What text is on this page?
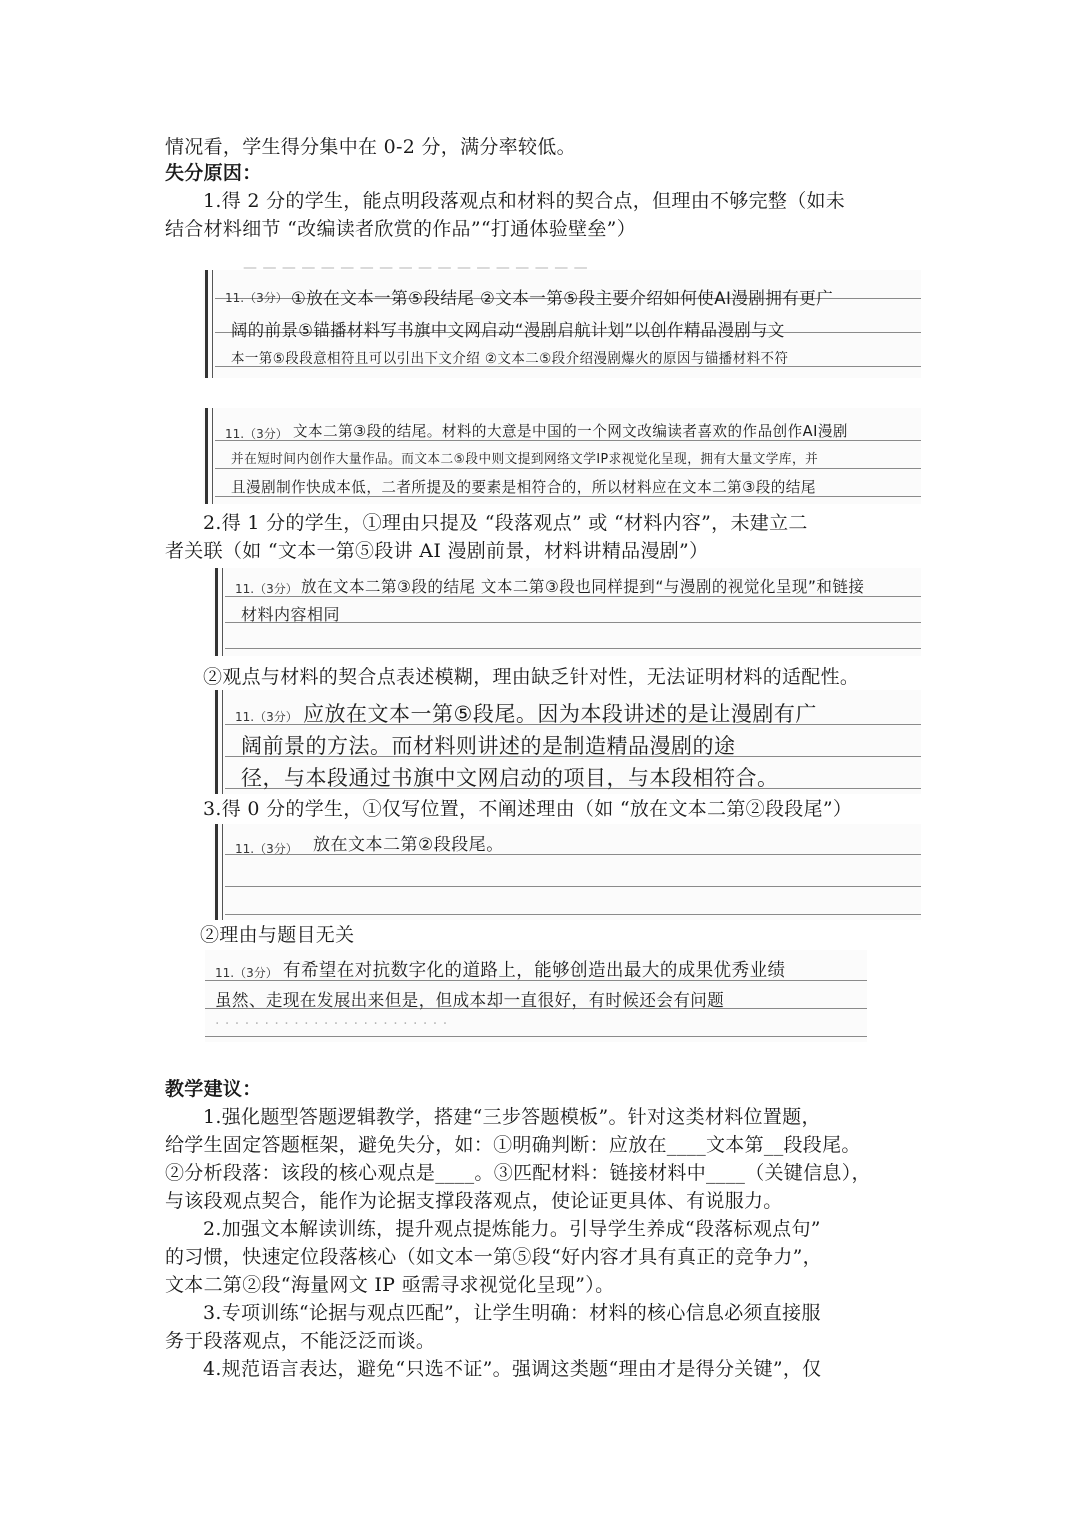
情况看，学生得分集中在 0-2 分，满分率较低。
失分原因：
1.得 2 分的学生，能点明段落观点和材料的契合点，但理由不够完整（如未
结合材料细节 “改编读者欣赏的作品”“打通体验壁垒”）
— — — — — — — — — — — — — — — — — —
11.（3分） ①放在文本一第⑤段结尾 ②文本一第⑤段主要介绍如何使AI漫剧拥有更广
阔的前景⑤锚播材料写书旗中文网启动“漫剧启航计划”以创作精品漫剧与文
本一第⑤段段意相符且可以引出下文介绍 ②文本二⑤段介绍漫剧爆火的原因与锚播材料不符
11.（3分） 文本二第③段的结尾。材料的大意是中国的一个网文改编读者喜欢的作品创作AI漫剧
并在短时间内创作大量作品。而文本二⑤段中则文提到网络文学IP求视觉化呈现，拥有大量文学库，并
且漫剧制作快成本低，二者所提及的要素是相符合的，所以材料应在文本二第③段的结尾
2.得 1 分的学生，①理由只提及 “段落观点” 或 “材料内容”，未建立二
者关联（如 “文本一第⑤段讲 AI 漫剧前景，材料讲精品漫剧”）
11.（3分） 放在文本二第③段的结尾 文本二第③段也同样提到“与漫剧的视觉化呈现”和链接
材料内容相同
②观点与材料的契合点表述模糊，理由缺乏针对性，无法证明材料的适配性。
11.（3分） 应放在文本一第⑤段尾。因为本段讲述的是让漫剧有广
阔前景的方法。而材料则讲述的是制造精品漫剧的途
径，与本段通过书旗中文网启动的项目，与本段相符合。
3.得 0 分的学生，①仅写位置，不阐述理由（如 “放在文本二第②段段尾”）
11.（3分） 放在文本二第②段段尾。
②理由与题目无关
11.（3分） 有希望在对抗数字化的道路上，能够创造出最大的成果优秀业绩
虽然、走现在发展出来但是，但成本却一直很好，有时候还会有问题
· · · · · · · · · · · · · · · · · · · · · · · ·
教学建议：
1.强化题型答题逻辑教学，搭建“三步答题模板”。针对这类材料位置题，
给学生固定答题框架，避免失分，如：①明确判断：应放在____文本第__段段尾。
②分析段落：该段的核心观点是____。③匹配材料：链接材料中____（关键信息），
与该段观点契合，能作为论据支撑段落观点，使论证更具体、有说服力。
2.加强文本解读训练，提升观点提炼能力。引导学生养成“段落标观点句”
的习惯，快速定位段落核心（如文本一第⑤段“好内容才具有真正的竞争力”，
文本二第②段“海量网文 IP 亟需寻求视觉化呈现”）。
3.专项训练“论据与观点匹配”，让学生明确：材料的核心信息必须直接服
务于段落观点，不能泛泛而谈。
4.规范语言表达，避免“只选不证”。强调这类题“理由才是得分关键”，仅
